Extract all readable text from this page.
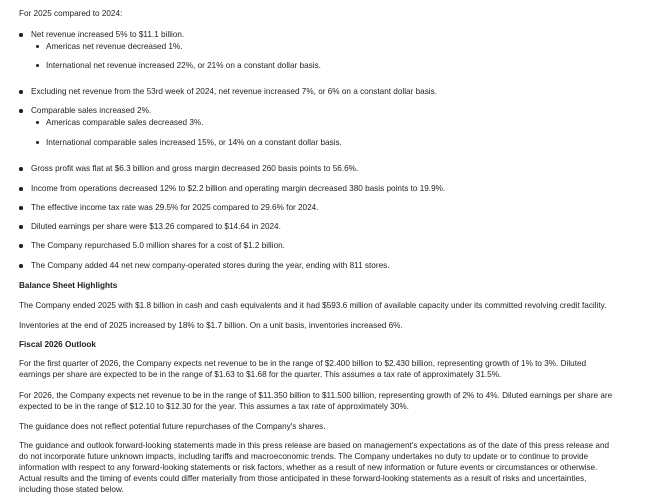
For 2025 compared to 2024:

Net revenue increased 5% to $11.1 billion.
Americas net revenue decreased 1%.
International net revenue increased 22%, or 21% on a constant dollar basis.
Excluding net revenue from the 53rd week of 2024, net revenue increased 7%, or 6% on a constant dollar basis.
Comparable sales increased 2%.
Americas comparable sales decreased 3%.
International comparable sales increased 15%, or 14% on a constant dollar basis.
Gross profit was flat at $6.3 billion and gross margin decreased 260 basis points to 56.6%.
Income from operations decreased 12% to $2.2 billion and operating margin decreased 380 basis points to 19.9%.
The effective income tax rate was 29.5% for 2025 compared to 29.6% for 2024.
Diluted earnings per share were $13.26 compared to $14.64 in 2024.
The Company repurchased 5.0 million shares for a cost of $1.2 billion.
The Company added 44 net new company-operated stores during the year, ending with 811 stores.

Balance Sheet Highlights

The Company ended 2025 with $1.8 billion in cash and cash equivalents and it had $593.6 million of available capacity under its committed revolving credit facility.

Inventories at the end of 2025 increased by 18% to $1.7 billion. On a unit basis, inventories increased 6%.

Fiscal 2026 Outlook

For the first quarter of 2026, the Company expects net revenue to be in the range of $2.400 billion to $2.430 billion, representing growth of 1% to 3%. Diluted
earnings per share are expected to be in the range of $1.63 to $1.68 for the quarter. This assumes a tax rate of approximately 31.5%.

For 2026, the Company expects net revenue to be in the range of $11.350 billion to $11.500 billion, representing growth of 2% to 4%. Diluted earnings per share are
expected to be in the range of $12.10 to $12.30 for the year. This assumes a tax rate of approximately 30%.

The guidance does not reflect potential future repurchases of the Company's shares.

The guidance and outlook forward-looking statements made in this press release are based on management's expectations as of the date of this press release and
do not incorporate future unknown impacts, including tariffs and macroeconomic trends. The Company undertakes no duty to update or to continue to provide
information with respect to any forward-looking statements or risk factors, whether as a result of new information or future events or circumstances or otherwise.
Actual results and the timing of events could differ materially from those anticipated in these forward-looking statements as a result of risks and uncertainties,
including those stated below.
